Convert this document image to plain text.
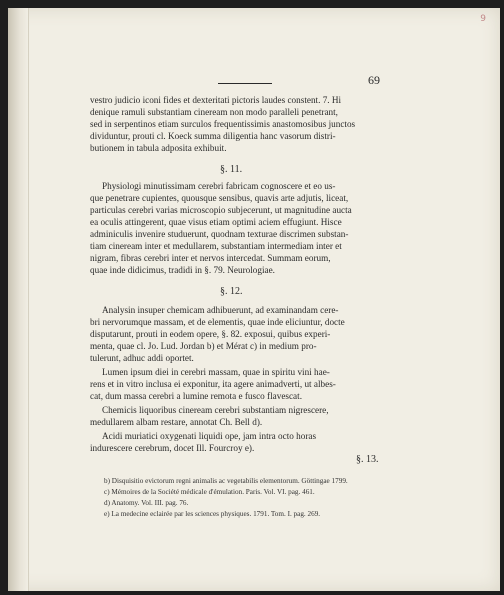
9
69
vestro judicio iconi fides et dexteritati pictoris laudes constent. 7. Hi
denique ramuli substantiam cineream non modo paralleli penetrant,
sed in serpentinos etiam surculos frequentissimis anastomosibus junctos
dividuntur, prouti cl. Koeck summa diligentia hanc vasorum distri-
butionem in tabula adposita exhibuit.
§. 11.
Physiologi minutissimam cerebri fabricam cognoscere et eo us-
que penetrare cupientes, quousque sensibus, quavis arte adjutis, liceat,
particulas cerebri varias microscopio subjecerunt, ut magnitudine aucta
ea oculis attingerent, quae visus etiam optimi aciem effugiunt. Hisce
adminiculis invenire studuerunt, quodnam texturae discrimen substan-
tiam cineream inter et medullarem, substantiam intermediam inter et
nigram, fibras cerebri inter et nervos intercedat. Summam eorum,
quae inde didicimus, tradidi in §. 79. Neurologiae.
§. 12.
Analysin insuper chemicam adhibuerunt, ad examinandam cere-
bri nervorumque massam, et de elementis, quae inde eliciuntur, docte
disputarunt, prouti in eodem opere, §. 82. exposui, quibus experi-
menta, quae cl. Jo. Lud. Jordan b) et Mérat c) in medium pro-
tulerunt, adhuc addi oportet.
Lumen ipsum diei in cerebri massam, quae in spiritu vini hae-
rens et in vitro inclusa ei exponitur, ita agere animadverti, ut albes-
cat, dum massa cerebri a lumine remota e fusco flavescat.
Chemicis liquoribus cineream cerebri substantiam nigrescere,
medullarem albam restare, annotat Ch. Bell d).
Acidi muriatici oxygenati liquidi ope, jam intra octo horas
indurescere cerebrum, docet Ill. Fourcroy e).
§. 13.
b) Disquisitio evictorum regni animalis ac vegetabilis elementorum. Göttingae 1799.
c) Mémoires de la Société médicale d'émulation. Paris. Vol. VI. pag. 461.
d) Anatomy. Vol. III. pag. 76.
e) La medecine eclairée par les sciences physiques. 1791. Tom. I. pag. 269.
